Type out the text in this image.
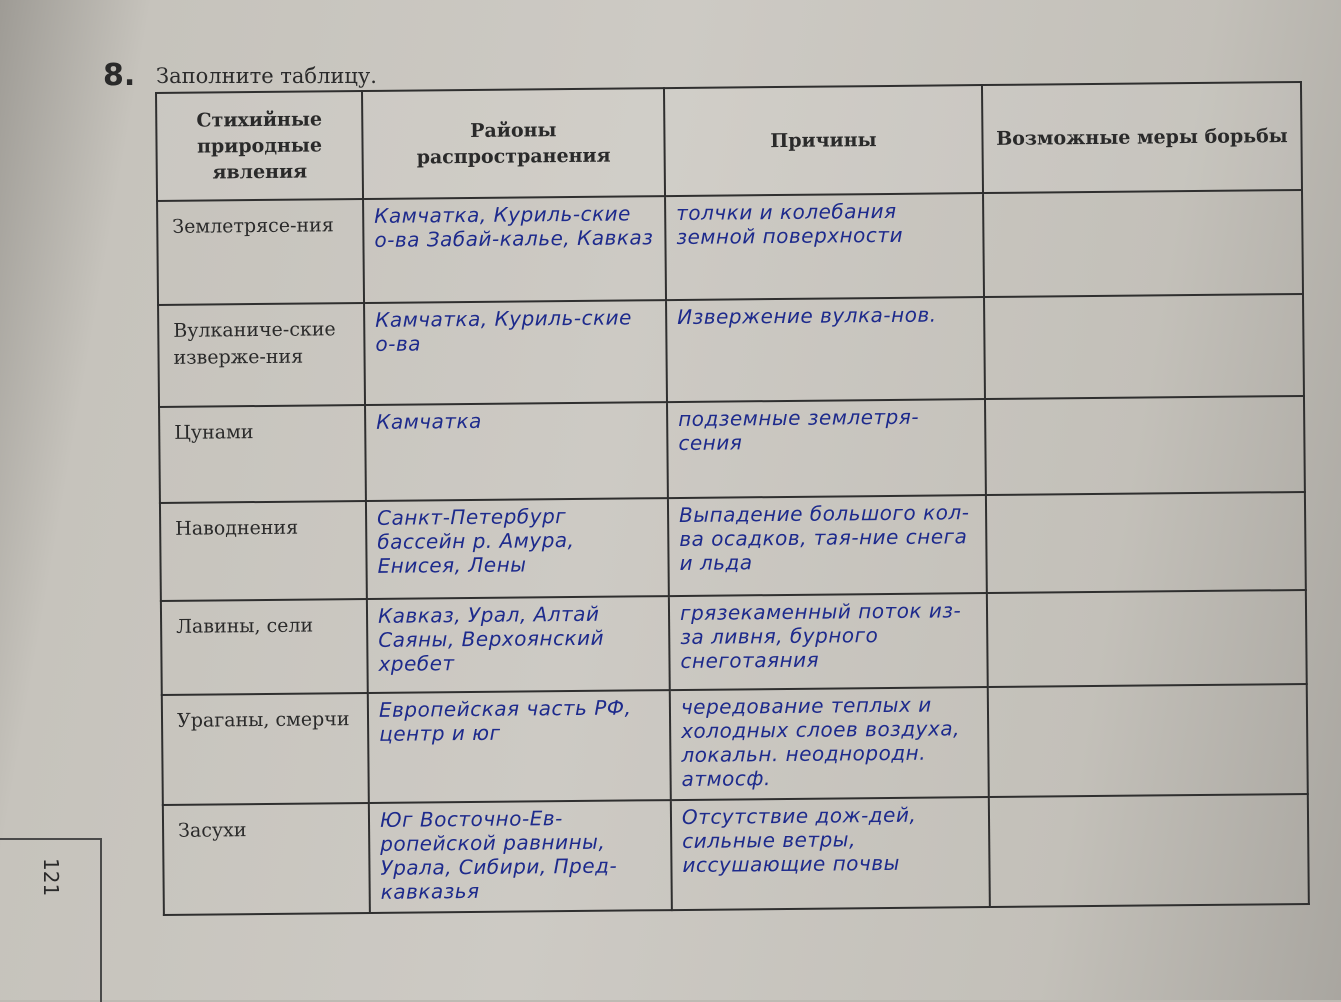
8. Заполните таблицу.
Стихийные природные явления	Районы распространения	Причины	Возможные меры борьбы
Землетрясе-ния	Камчатка, Куриль-ские о-ва Забай-калье, Кавказ	толчки и колебания земной поверхности	
Вулканиче-ские изверже-ния	Камчатка, Куриль-ские о-ва	Извержение вулка-нов.	
Цунами	Камчатка	подземные землетря-сения	
Наводнения	Санкт-Петербург бассейн р. Амура, Енисея, Лены	Выпадение большого кол-ва осадков, тая-ние снега и льда	
Лавины, сели	Кавказ, Урал, Алтай Саяны, Верхоянский хребет	грязекаменный поток из-за ливня, бурного снеготаяния	
Ураганы, смерчи	Европейская часть РФ, центр и юг	чередование теплых и холодных слоев воздуха, локальн. неоднородн. атмосф.	
Засухи	Юг Восточно-Ев-ропейской равнины, Урала, Сибири, Пред-кавказья	Отсутствие дож-дей, сильные ветры, иссушающие почвы	
121
